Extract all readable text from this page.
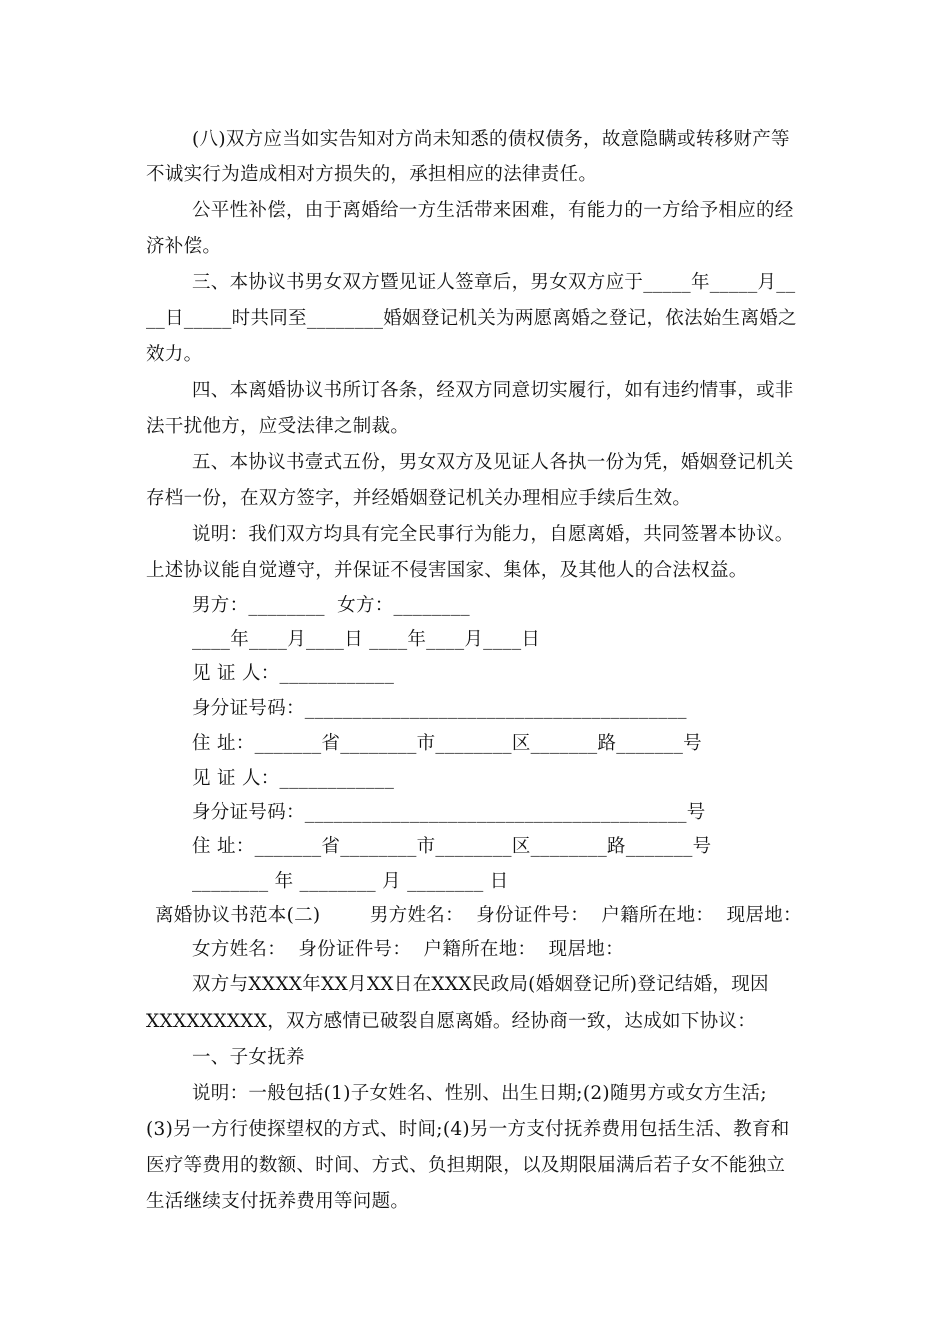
(八)双方应当如实告知对方尚未知悉的债权债务，故意隐瞒或转移财产等
不诚实行为造成相对方损失的，承担相应的法律责任。
公平性补偿，由于离婚给一方生活带来困难，有能力的一方给予相应的经
济补偿。
三、本协议书男女双方暨见证人签章后，男女双方应于_____年_____月__
__日_____时共同至________婚姻登记机关为两愿离婚之登记，依法始生离婚之
效力。
四、本离婚协议书所订各条，经双方同意切实履行，如有违约情事，或非
法干扰他方，应受法律之制裁。
五、本协议书壹式五份，男女双方及见证人各执一份为凭，婚姻登记机关
存档一份，在双方签字，并经婚姻登记机关办理相应手续后生效。
说明：我们双方均具有完全民事行为能力，自愿离婚，共同签署本协议。
上述协议能自觉遵守，并保证不侵害国家、集体，及其他人的合法权益。
男方：________  女方：________
____年____月____日 ____年____月____日
见 证 人：____________
身分证号码：________________________________________
住 址：_______省________市________区_______路_______号
见 证 人：____________
身分证号码：________________________________________号
住 址：_______省________市________区________路_______号
________ 年 ________ 月 ________ 日
离婚协议书范本(二)        男方姓名：  身份证件号：  户籍所在地：  现居地：
女方姓名：  身份证件号：  户籍所在地：  现居地：
双方与XXXX年XX月XX日在XXX民政局(婚姻登记所)登记结婚，现因
XXXXXXXXX，双方感情已破裂自愿离婚。经协商一致，达成如下协议：
一、子女抚养
说明：一般包括(1)子女姓名、性别、出生日期;(2)随男方或女方生活;
(3)另一方行使探望权的方式、时间;(4)另一方支付抚养费用包括生活、教育和
医疗等费用的数额、时间、方式、负担期限，以及期限届满后若子女不能独立
生活继续支付抚养费用等问题。
